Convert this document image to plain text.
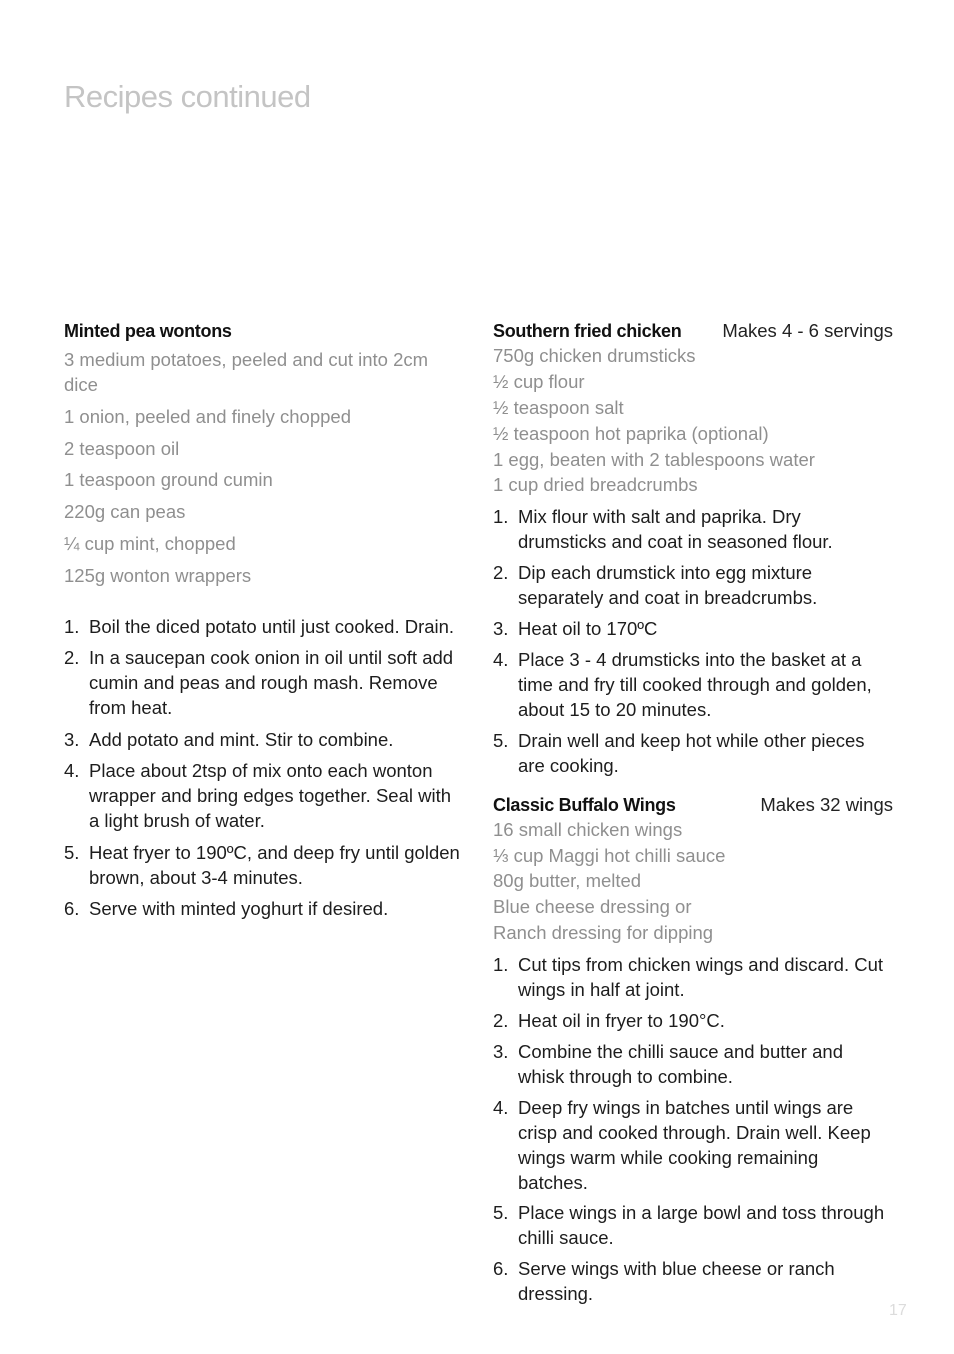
Recipes continued
Minted pea wontons
3 medium potatoes, peeled and cut into 2cm dice
1 onion, peeled and finely chopped
2 teaspoon oil
1 teaspoon ground cumin
220g can peas
¼ cup mint, chopped
125g wonton wrappers
1. Boil the diced potato until just cooked. Drain.
2. In a saucepan cook onion in oil until soft add cumin and peas and rough mash. Remove from heat.
3. Add potato and mint. Stir to combine.
4. Place about 2tsp of mix onto each wonton wrapper and bring edges together. Seal with a light brush of water.
5. Heat fryer to 190ºC, and deep fry until golden brown, about 3-4 minutes.
6. Serve with minted yoghurt if desired.
Southern fried chicken Makes 4 - 6 servings
750g chicken drumsticks
½ cup flour
½ teaspoon salt
½ teaspoon hot paprika (optional)
1 egg, beaten with 2 tablespoons water
1 cup dried breadcrumbs
1. Mix flour with salt and paprika. Dry drumsticks and coat in seasoned flour.
2. Dip each drumstick into egg mixture separately and coat in breadcrumbs.
3. Heat oil to 170ºC
4. Place 3 - 4 drumsticks into the basket at a time and fry till cooked through and golden, about 15 to 20 minutes.
5. Drain well and keep hot while other pieces are cooking.
Classic Buffalo Wings	Makes 32 wings
16 small chicken wings
⅓ cup Maggi hot chilli sauce
80g butter, melted
Blue cheese dressing or
Ranch dressing for dipping
1. Cut tips from chicken wings and discard. Cut wings in half at joint.
2. Heat oil in fryer to 190°C.
3. Combine the chilli sauce and butter and whisk through to combine.
4. Deep fry wings in batches until wings are crisp and cooked through. Drain well. Keep wings warm while cooking remaining batches.
5. Place wings in a large bowl and toss through chilli sauce.
6. Serve wings with blue cheese or ranch dressing.
17
